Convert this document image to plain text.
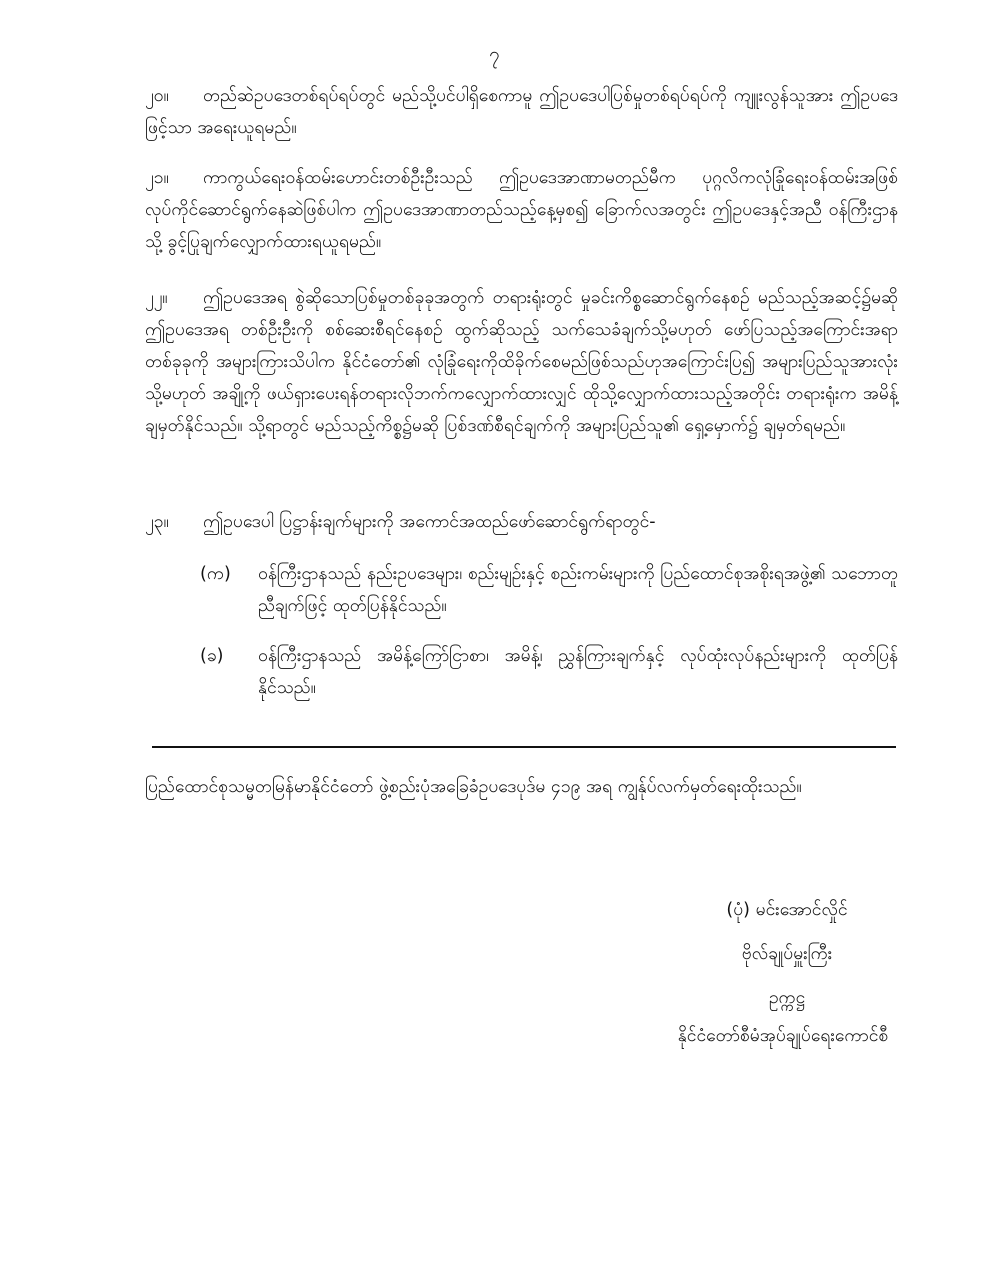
၇

၂၀။ တည်ဆဲဥပဒေတစ်ရပ်ရပ်တွင် မည်သို့ပင်ပါရှိစေကာမူ ဤဥပဒေပါပြစ်မှုတစ်ရပ်ရပ်ကို ကျူးလွန်သူအား ဤဥပဒေဖြင့်သာ အရေးယူရမည်။

၂၁။ ကာကွယ်ရေးဝန်ထမ်းဟောင်းတစ်ဦးဦးသည် ဤဥပဒေအာဏာမတည်မီက ပုဂ္ဂလိကလုံခြုံရေးဝန်ထမ်းအဖြစ် လုပ်ကိုင်ဆောင်ရွက်နေဆဲဖြစ်ပါက ဤဥပဒေအာဏာတည်သည့်နေ့မှစ၍ ခြောက်လအတွင်း ဤဥပဒေနှင့်အညီ ဝန်ကြီးဌာနသို့ ခွင့်ပြုချက်လျှောက်ထားရယူရမည်။

၂၂။ ဤဥပဒေအရ စွဲဆိုသောပြစ်မှုတစ်ခုခုအတွက် တရားရုံးတွင် မှုခင်းကိစ္စဆောင်ရွက်နေစဉ် မည်သည့်အဆင့်၌မဆို ဤဥပဒေအရ တစ်ဦးဦးကို စစ်ဆေးစီရင်နေစဉ် ထွက်ဆိုသည့် သက်သေခံချက်သို့မဟုတ် ဖော်ပြသည့်အကြောင်းအရာတစ်ခုခုကို အများကြားသိပါက နိုင်ငံတော်၏ လုံခြုံရေးကိုထိခိုက်စေမည်ဖြစ်သည်ဟုအကြောင်းပြ၍ အများပြည်သူအားလုံး သို့မဟုတ် အချို့ကို ဖယ်ရှားပေးရန်တရားလိုဘက်ကလျှောက်ထားလျှင် ထိုသို့လျှောက်ထားသည့်အတိုင်း တရားရုံးက အမိန့်ချမှတ်နိုင်သည်။ သို့ရာတွင် မည်သည့်ကိစ္စ၌မဆို ပြစ်ဒဏ်စီရင်ချက်ကို အများပြည်သူ၏ ရှေ့မှောက်၌ ချမှတ်ရမည်။

၂၃။ ဤဥပဒေပါ ပြဋ္ဌာန်းချက်များကို အကောင်အထည်ဖော်ဆောင်ရွက်ရာတွင်-

(က)	ဝန်ကြီးဌာနသည် နည်းဥပဒေများ၊ စည်းမျဉ်းနှင့် စည်းကမ်းများကို ပြည်ထောင်စုအစိုးရအဖွဲ့၏ သဘောတူညီချက်ဖြင့် ထုတ်ပြန်နိုင်သည်။
(ခ)	ဝန်ကြီးဌာနသည် အမိန့်ကြော်ငြာစာ၊ အမိန့်၊ ညွှန်ကြားချက်နှင့် လုပ်ထုံးလုပ်နည်းများကို ထုတ်ပြန်နိုင်သည်။

ပြည်ထောင်စုသမ္မတမြန်မာနိုင်ငံတော် ဖွဲ့စည်းပုံအခြေခံဥပဒေပုဒ်မ ၄၁၉ အရ ကျွန်ုပ်လက်မှတ်ရေးထိုးသည်။

(ပုံ) မင်းအောင်လှိုင်
ဗိုလ်ချုပ်မှူးကြီး
ဥက္ကဋ္ဌ
နိုင်ငံတော်စီမံအုပ်ချုပ်ရေးကောင်စီ
